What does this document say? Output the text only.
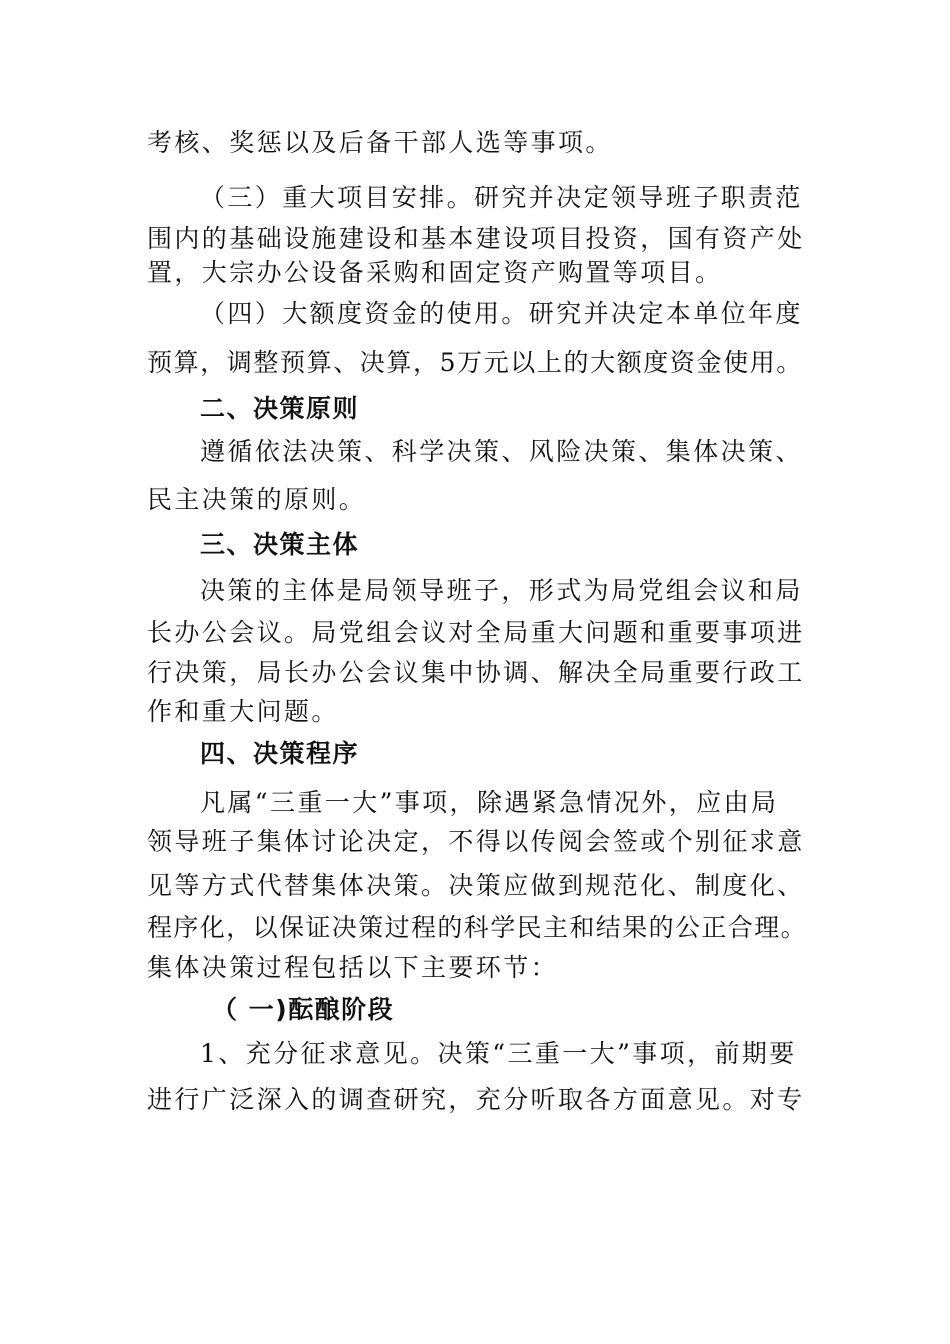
考核、奖惩以及后备干部人选等事项。
（三）重大项目安排。研究并决定领导班子职责范
围内的基础设施建设和基本建设项目投资，国有资产处
置，大宗办公设备采购和固定资产购置等项目。
（四）大额度资金的使用。研究并决定本单位年度
预算，调整预算、决算，5万元以上的大额度资金使用。
二、决策原则
遵循依法决策、科学决策、风险决策、集体决策、
民主决策的原则。
三、决策主体
决策的主体是局领导班子，形式为局党组会议和局
长办公会议。局党组会议对全局重大问题和重要事项进
行决策，局长办公会议集中协调、解决全局重要行政工
作和重大问题。
四、决策程序
凡属“三重一大”事项，除遇紧急情况外，应由局
领导班子集体讨论决定，不得以传阅会签或个别征求意
见等方式代替集体决策。决策应做到规范化、制度化、
程序化，以保证决策过程的科学民主和结果的公正合理。
集体决策过程包括以下主要环节：
（ 一)酝酿阶段
1、充分征求意见。决策“三重一大”事项，前期要
进行广泛深入的调查研究，充分听取各方面意见。对专
